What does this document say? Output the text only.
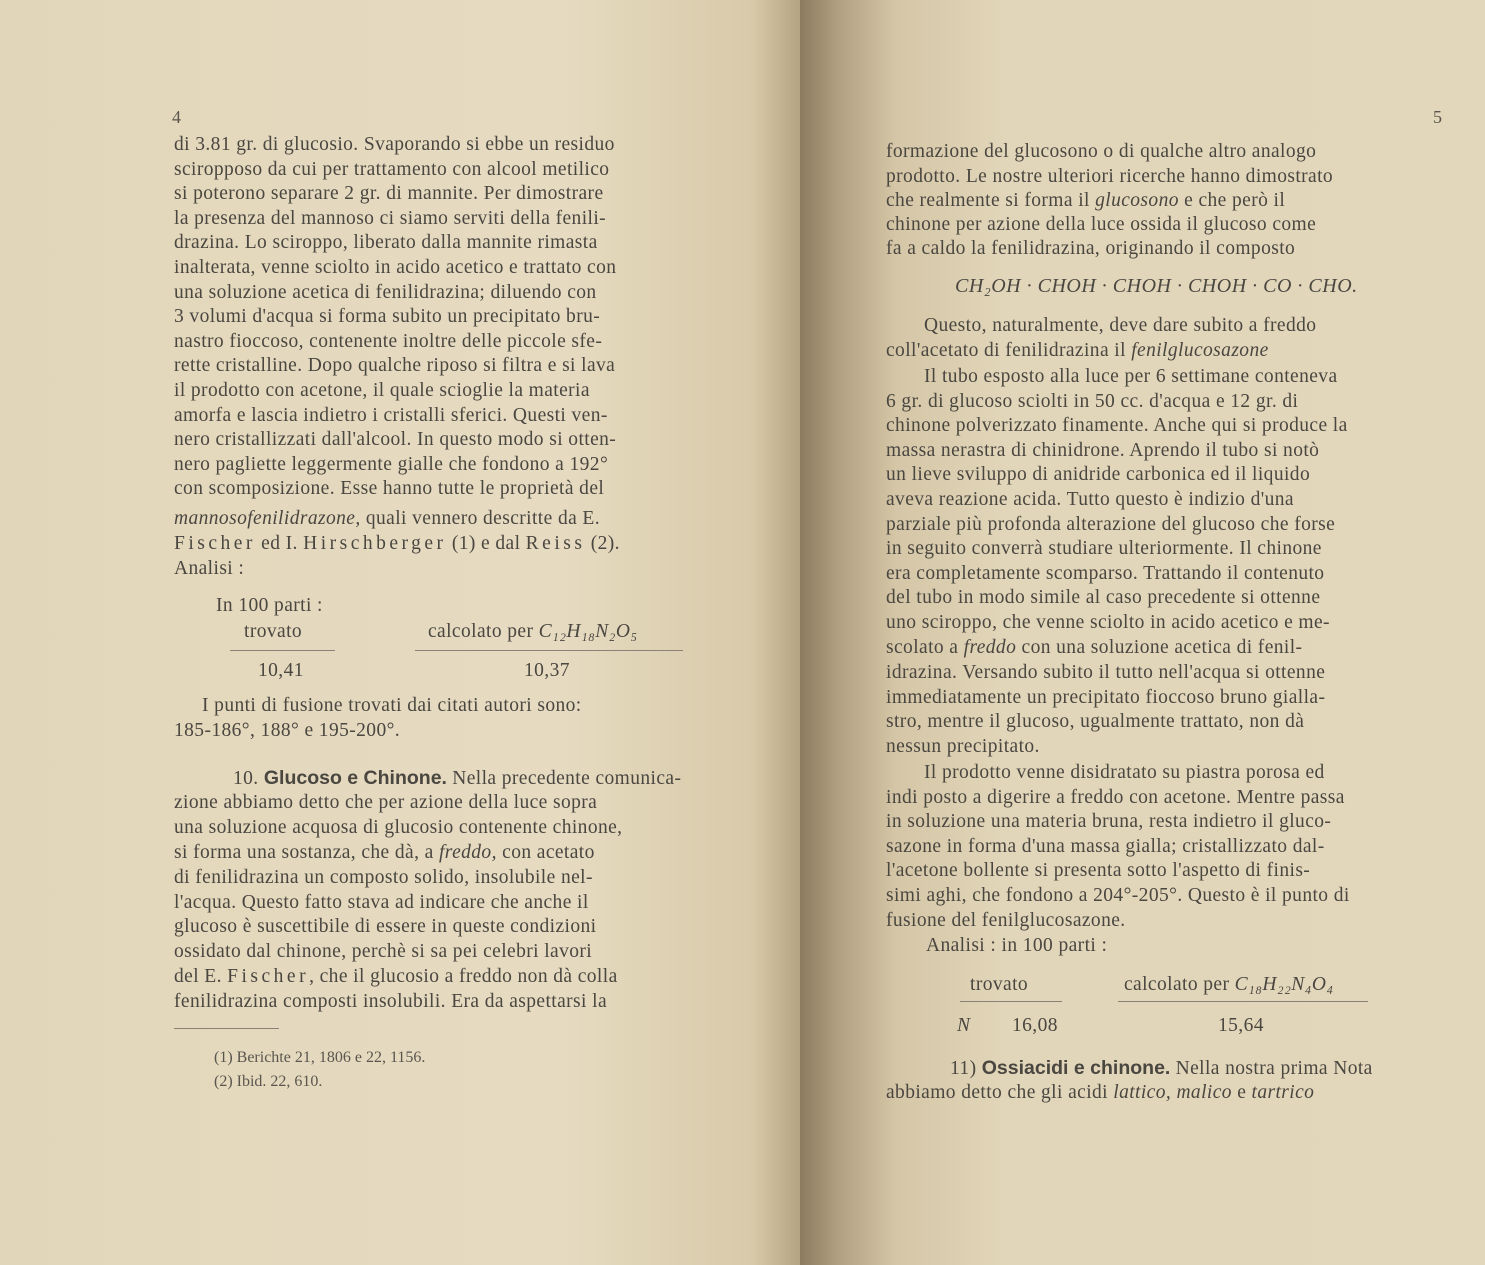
4
di 3.81 gr. di glucosio. Svaporando si ebbe un residuo
sciropposo da cui per trattamento con alcool metilico
si poterono separare 2 gr. di mannite. Per dimostrare
la presenza del mannoso ci siamo serviti della fenili-
drazina. Lo sciroppo, liberato dalla mannite rimasta
inalterata, venne sciolto in acido acetico e trattato con
una soluzione acetica di fenilidrazina; diluendo con
3 volumi d'acqua si forma subito un precipitato bru-
nastro fioccoso, contenente inoltre delle piccole sfe-
rette cristalline. Dopo qualche riposo si filtra e si lava
il prodotto con acetone, il quale scioglie la materia
amorfa e lascia indietro i cristalli sferici. Questi ven-
nero cristallizzati dall'alcool. In questo modo si otten-
nero pagliette leggermente gialle che fondono a 192°
con scomposizione. Esse hanno tutte le proprietà del
mannosofenilidrazone, quali vennero descritte da E.
Fischer ed I. Hirschberger (1) e dal Reiss (2).
Analisi :
In 100 parti :
trovato	calcolato per C₁₂H₁₈N₂O₅
10,41	10,37
I punti di fusione trovati dai citati autori sono:
185-186°, 188° e 195-200°.
10. Glucoso e Chinone. Nella precedente comunica-
zione abbiamo detto che per azione della luce sopra
una soluzione acquosa di glucosio contenente chinone,
si forma una sostanza, che dà, a freddo, con acetato
di fenilidrazina un composto solido, insolubile nel-
l'acqua. Questo fatto stava ad indicare che anche il
glucoso è suscettibile di essere in queste condizioni
ossidato dal chinone, perchè si sa pei celebri lavori
del E. Fischer, che il glucosio a freddo non dà colla
fenilidrazina composti insolubili. Era da aspettarsi la
(1) Berichte 21, 1806 e 22, 1156.
(2) Ibid. 22, 610.
5
formazione del glucosono o di qualche altro analogo
prodotto. Le nostre ulteriori ricerche hanno dimostrato
che realmente si forma il glucosono e che però il
chinone per azione della luce ossida il glucoso come
fa a caldo la fenilidrazina, originando il composto
CH₂OH · CHOH · CHOH · CHOH · CO · CHO.
Questo, naturalmente, deve dare subito a freddo
coll'acetato di fenilidrazina il fenilglucosazone
Il tubo esposto alla luce per 6 settimane conteneva
6 gr. di glucoso sciolti in 50 cc. d'acqua e 12 gr. di
chinone polverizzato finamente. Anche qui si produce la
massa nerastra di chinidrone. Aprendo il tubo si notò
un lieve sviluppo di anidride carbonica ed il liquido
aveva reazione acida. Tutto questo è indizio d'una
parziale più profonda alterazione del glucoso che forse
in seguito converrà studiare ulteriormente. Il chinone
era completamente scomparso. Trattando il contenuto
del tubo in modo simile al caso precedente si ottenne
uno sciroppo, che venne sciolto in acido acetico e me-
scolato a freddo con una soluzione acetica di fenil-
idrazina. Versando subito il tutto nell'acqua si ottenne
immediatamente un precipitato fioccoso bruno gialla-
stro, mentre il glucoso, ugualmente trattato, non dà
nessun precipitato.
Il prodotto venne disidratato su piastra porosa ed
indi posto a digerire a freddo con acetone. Mentre passa
in soluzione una materia bruna, resta indietro il gluco-
sazone in forma d'una massa gialla; cristallizzato dal-
l'acetone bollente si presenta sotto l'aspetto di finis-
simi aghi, che fondono a 204°-205°. Questo è il punto di
fusione del fenilglucosazone.
Analisi : in 100 parti :
trovato	calcolato per C₁₈H₂₂N₄O₄
N 16,08	15,64
11) Ossiacidi e chinone. Nella nostra prima Nota
abbiamo detto che gli acidi lattico, malico e tartrico
